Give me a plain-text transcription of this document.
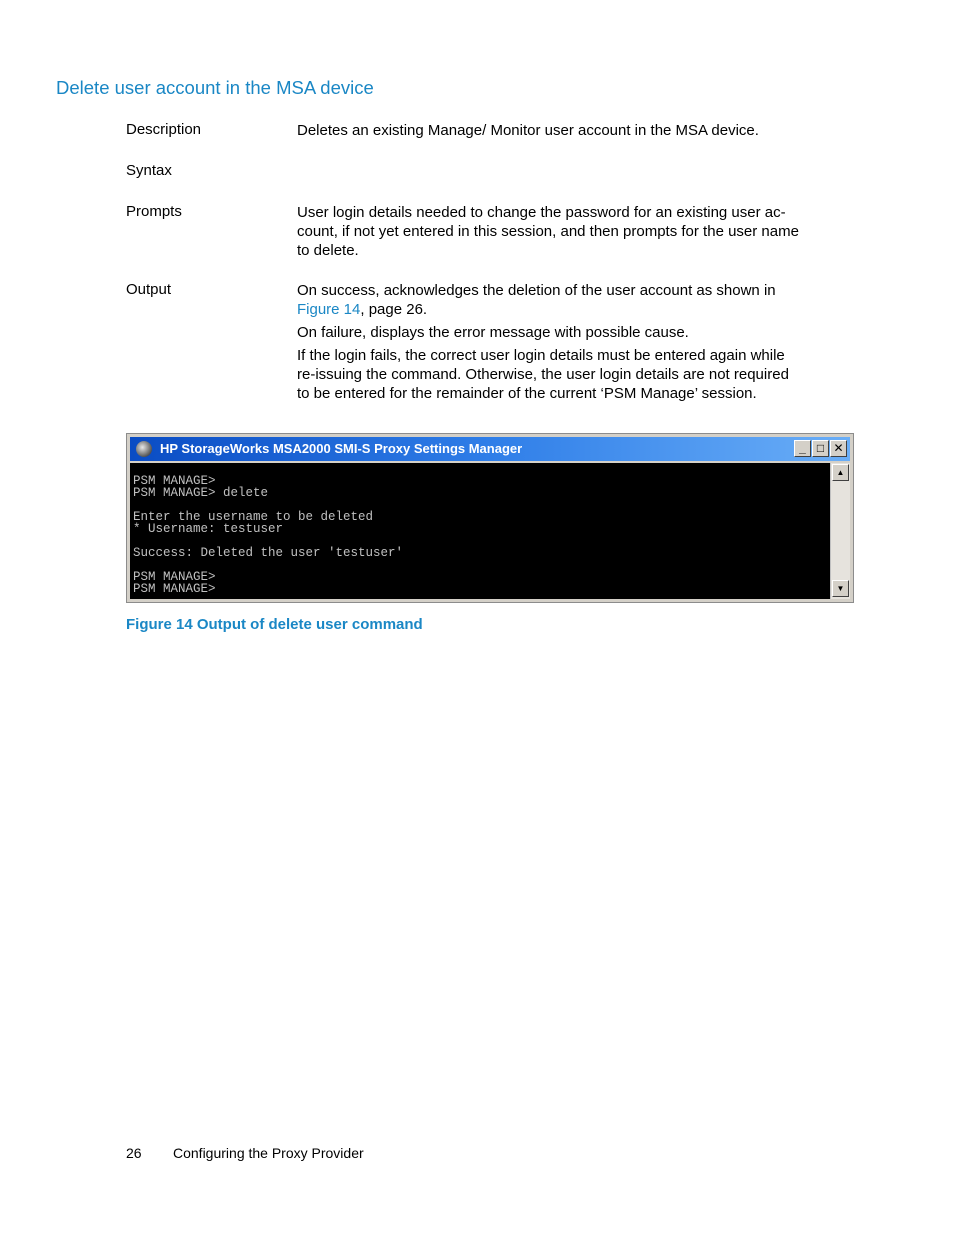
Delete user account in the MSA device
Description	Deletes an existing Manage/ Monitor user account in the MSA device.

Syntax
Prompts	User login details needed to change the password for an existing user ac-count, if not yet entered in this session, and then prompts for the user name to delete.

Output	On success, acknowledges the deletion of the user account as shown in Figure 14, page 26.

On failure, displays the error message with possible cause.

If the login fails, the correct user login details must be entered again while re-issuing the command. Otherwise, the user login details are not required to be entered for the remainder of the current ‘PSM Manage’ session.

HP StorageWorks MSA2000 SMI-S Proxy Settings Manager	_ □ ✕
PSM MANAGE>
PSM MANAGE> delete
Enter the username to be deleted
* Username: testuser
Success: Deleted the user 'testuser'
PSM MANAGE>
PSM MANAGE>
▲
▼
Figure 14 Output of delete user command
26 Configuring the Proxy Provider
